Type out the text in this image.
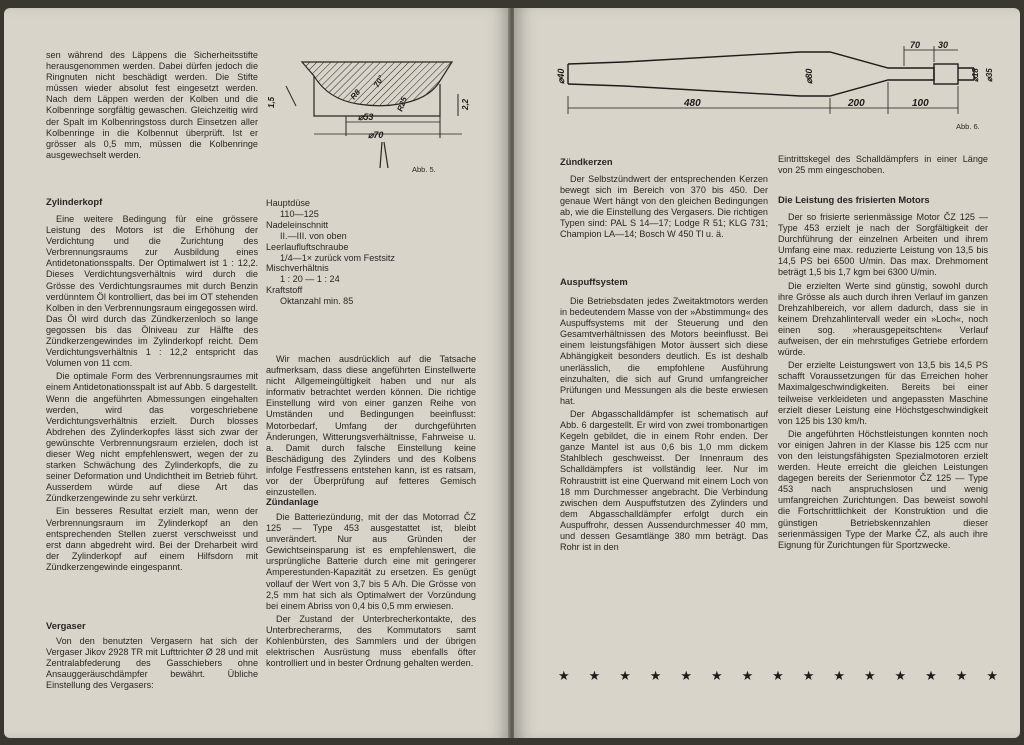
sen während des Läppens die Sicherheitsstifte herausgenommen werden. Dabei dürfen jedoch die Ringnuten nicht beschädigt werden. Die Stifte müssen wieder absolut fest eingesetzt werden. Nach dem Läppen werden der Kolben und die Kolbenringe sorgfältig gewaschen. Gleichzeitig wird der Spalt im Kolbenringstoss durch Einsetzen aller Kolbenringe in die Kolbennut überprüft. Ist er grösser als 0,5 mm, müssen die Kolbenringe ausgewechselt werden.

⌀53
⌀70
70°
R8
R25
1,5	2,2
Abb. 5.
Zylinderkopf

Eine weitere Bedingung für eine grössere Leistung des Motors ist die Erhöhung der Verdichtung und die Zurichtung des Verbrennungsraums zur Ausbildung eines Antidetonationsspalts. Der Optimalwert ist 1 : 12,2. Dieses Verdichtungsverhältnis wird durch die Grösse des Verdichtungsraumes mit durch Benzin verdünntem Öl kontrolliert, das bei im OT stehenden Kolben in den Verbrennungsraum eingegossen wird. Das Öl wird durch das Zündkerzenloch so lange gegossen bis das Ölniveau zur Hälfte des Zündkerzengewindes im Zylinderkopf reicht. Dem Verdichtungsverhältnis 1 : 12,2 entspricht das Volumen von 11 ccm.

Die optimale Form des Verbrennungsraumes mit einem Antidetonationsspalt ist auf Abb. 5 dargestellt. Wenn die angeführten Abmessungen eingehalten werden, wird das vorgeschriebene Verdichtungsverhältnis erzielt. Durch blosses Abdrehen des Zylinderkopfes lässt sich zwar der gewünschte Verbrennungsraum erzielen, doch ist dieser Weg nicht empfehlenswert, wegen der zu starken Schwächung des Zylinderkopfs, die zu seiner Deformation und Undichtheit im Betrieb führt. Ausserdem würde auf diese Art das Zündkerzengewinde zu sehr verkürzt.

Ein besseres Resultat erzielt man, wenn der Verbrennungsraum im Zylinderkopf an den entsprechenden Stellen zuerst verschweisst und erst dann abgedreht wird. Bei der Dreharbeit wird der Zylinderkopf auf einem Hilfsdorn mit Zündkerzengewinde eingespannt.

Vergaser

Von den benutzten Vergasern hat sich der Vergaser Jikov 2928 TR mit Lufttrichter Ø 28 und mit Zentralabfederung des Gasschiebers ohne Ansauggeräuschdämpfer bewährt. Übliche Einstellung des Vergasers:

Hauptdüse
110—125
Nadeleinschnitt
II.—III. von oben
Leerlaufluftschraube
1/4—1× zurück vom Festsitz
Mischverhältnis
1 : 20 — 1 : 24
Kraftstoff
Oktanzahl min. 85

Wir machen ausdrücklich auf die Tatsache aufmerksam, dass diese angeführten Einstellwerte nicht Allgemeingültigkeit haben und nur als informativ betrachtet werden können. Die richtige Einstellung wird von einer ganzen Reihe von Umständen und Bedingungen beeinflusst: Motorbedarf, Umfang der durchgeführten Änderungen, Witterungsverhältnisse, Fahrweise u. a. Damit durch falsche Einstellung keine Beschädigung des Zylinders und des Kolbens infolge Festfressens entstehen kann, ist es ratsam, vor der Überprüfung auf fetteres Gemisch einzustellen.

Zündanlage

Die Batteriezündung, mit der das Motorrad ČZ 125 — Type 453 ausgestattet ist, bleibt unverändert. Nur aus Gründen der Gewichtseinsparung ist es empfehlenswert, die ursprüngliche Batterie durch eine mit geringerer Amperestunden-Kapazität zu ersetzen. Es genügt vollauf der Wert von 3,7 bis 5 A/h. Die Grösse von 2,5 mm hat sich als Optimalwert der Vorzündung bei einem Abriss von 0,4 bis 0,5 mm erwiesen.

Der Zustand der Unterbrecherkontakte, des Unterbrecherarms, des Kommutators samt Kohlenbürsten, des Sammlers und der übrigen elektrischen Ausrüstung muss ebenfalls öfter kontrolliert und in bester Ordnung gehalten werden.

⌀40	⌀80
480	200	100
70 30
⌀18 ⌀35
Abb. 6.
Zündkerzen

Der Selbstzündwert der entsprechenden Kerzen bewegt sich im Bereich von 370 bis 450. Der genaue Wert hängt von den gleichen Bedingungen ab, wie die Einstellung des Vergasers. Die richtigen Typen sind: PAL S 14—17; Lodge R 51; KLG 731; Champion LA—14; Bosch W 450 Tl u. ä.

Auspuffsystem

Die Betriebsdaten jedes Zweitaktmotors werden in bedeutendem Masse von der »Abstimmung« des Auspuffsystems mit der Steuerung und den Gesamtverhältnissen des Motors beeinflusst. Bei einem leistungsfähigen Motor äussert sich diese Abhängigkeit besonders deutlich. Es ist deshalb unerlässlich, die empfohlene Ausführung einzuhalten, die sich auf Grund umfangreicher Prüfungen und Messungen als die beste erwiesen hat.

Der Abgasschalldämpfer ist schematisch auf Abb. 6 dargestellt. Er wird von zwei trombonartigen Kegeln gebildet, die in einem Rohr enden. Der ganze Mantel ist aus 0,6 bis 1,0 mm dickem Stahlblech geschweisst. Der Innenraum des Schalldämpfers ist vollständig leer. Nur im Rohraustritt ist eine Querwand mit einem Loch von 18 mm Durchmesser angebracht. Die Verbindung zwischen dem Auspuffstutzen des Zylinders und dem Abgasschalldämpfer erfolgt durch ein Auspuffrohr, dessen Aussendurchmesser 40 mm, und dessen Gesamtlänge 380 mm beträgt. Das Rohr ist in den

Eintrittskegel des Schalldämpfers in einer Länge von 25 mm eingeschoben.

Die Leistung des frisierten Motors

Der so frisierte serienmässige Motor ČZ 125 — Type 453 erzielt je nach der Sorgfältigkeit der Durchführung der einzelnen Arbeiten und ihrem Umfang eine max. reduzierte Leistung von 13,5 bis 14,5 PS bei 6500 U/min. Das max. Drehmoment beträgt 1,5 bis 1,7 kgm bei 6300 U/min.

Die erzielten Werte sind günstig, sowohl durch ihre Grösse als auch durch ihren Verlauf im ganzen Drehzahlbereich, vor allem dadurch, dass sie in keinem Drehzahlintervall weder ein »Loch«, noch einen sog. »herausgepeitschten« Verlauf aufweisen, der ein mehrstufiges Getriebe erfordern würde.

Der erzielte Leistungswert von 13,5 bis 14,5 PS schafft Voraussetzungen für das Erreichen hoher Maximalgeschwindigkeiten. Bereits bei einer teilweise verkleideten und angepassten Maschine erzielt dieser Leistung eine Höchstgeschwindigkeit von 125 bis 130 km/h.

Die angeführten Höchstleistungen konnten noch vor einigen Jahren in der Klasse bis 125 ccm nur von den leistungsfähigsten Spezialmotoren erzielt werden. Heute erreicht die gleichen Leistungen dagegen bereits der Serienmotor ČZ 125 — Type 453 nach anspruchslosen und wenig umfangreichen Zurichtungen. Das beweist sowohl die Fortschrittlichkeit der Konstruktion und die günstigen Betriebskennzahlen dieser serienmässigen Type der Marke ČZ, als auch ihre Eignung für Zurichtungen für Sportzwecke.

★ ★ ★ ★ ★ ★ ★ ★ ★ ★ ★ ★ ★ ★ ★
